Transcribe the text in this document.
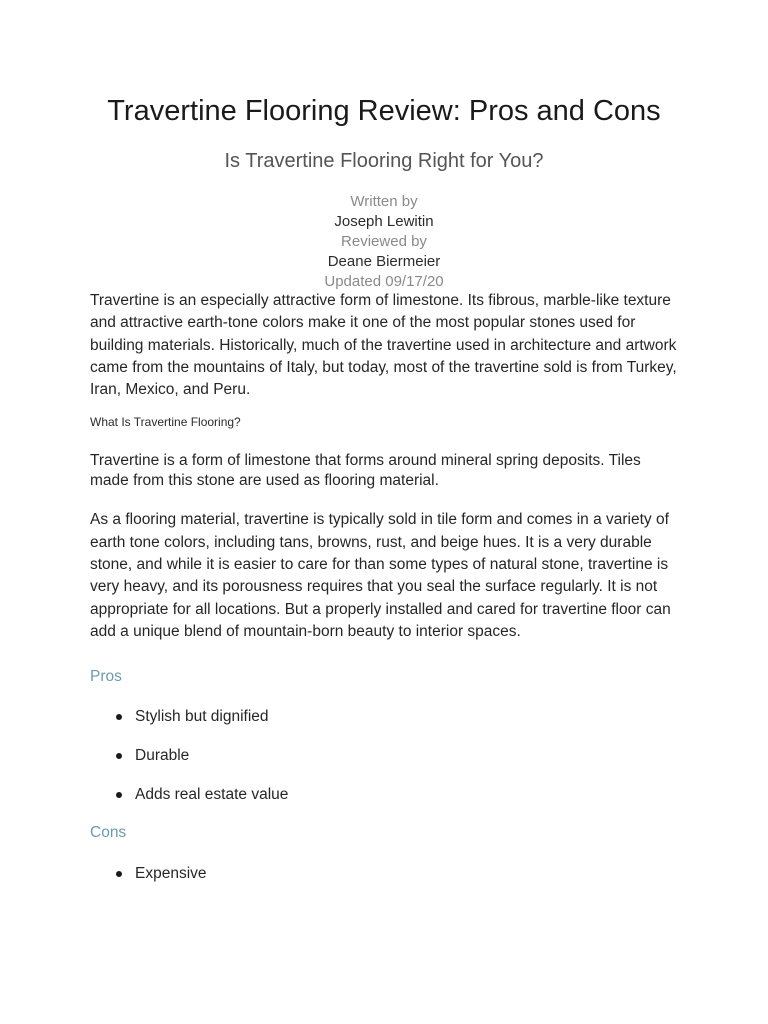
Travertine Flooring Review: Pros and Cons
Is Travertine Flooring Right for You?
Written by
Joseph Lewitin
Reviewed by
Deane Biermeier
Updated 09/17/20

Travertine is an especially attractive form of limestone. Its fibrous, marble-like texture and attractive earth-tone colors make it one of the most popular stones used for building materials. Historically, much of the travertine used in architecture and artwork came from the mountains of Italy, but today, most of the travertine sold is from Turkey, Iran, Mexico, and Peru.

What Is Travertine Flooring?

Travertine is a form of limestone that forms around mineral spring deposits. Tiles made from this stone are used as flooring material.

As a flooring material, travertine is typically sold in tile form and comes in a variety of earth tone colors, including tans, browns, rust, and beige hues. It is a very durable stone, and while it is easier to care for than some types of natural stone, travertine is very heavy, and its porousness requires that you seal the surface regularly. It is not appropriate for all locations. But a properly installed and cared for travertine floor can add a unique blend of mountain-born beauty to interior spaces.

Pros

Stylish but dignified
Durable
Adds real estate value

Cons

Expensive
